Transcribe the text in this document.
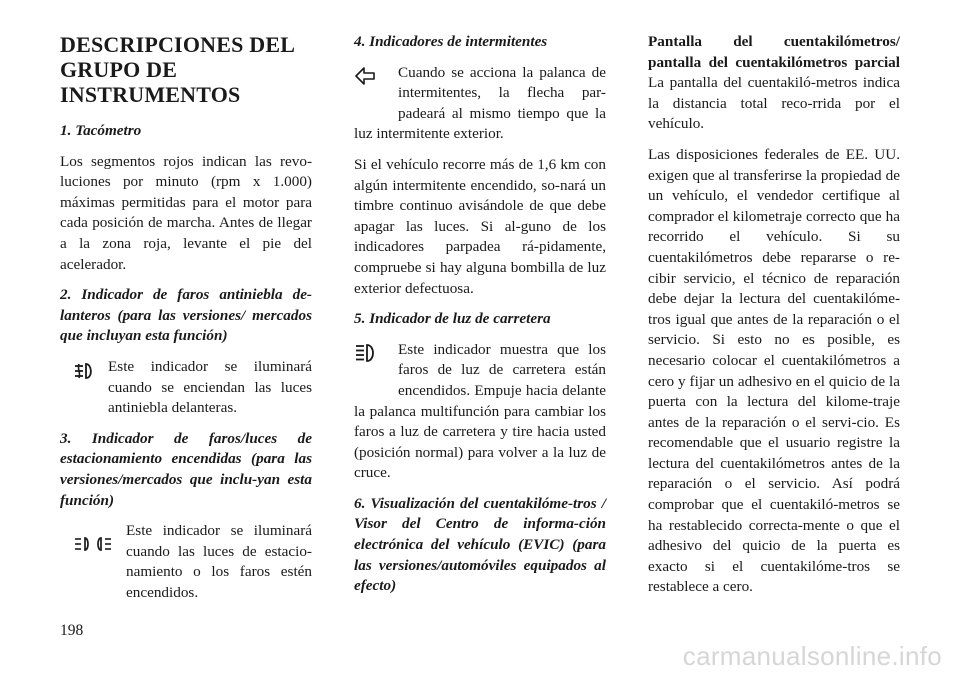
DESCRIPCIONES DEL GRUPO DE INSTRUMENTOS
1. Tacómetro

Los segmentos rojos indican las revo-luciones por minuto (rpm x 1.000) máximas permitidas para el motor para cada posición de marcha. Antes de llegar a la zona roja, levante el pie del acelerador.

2. Indicador de faros antiniebla de-lanteros (para las versiones/ mercados que incluyan esta función)
Este indicador se iluminará cuando se enciendan las luces antiniebla delanteras.
3. Indicador de faros/luces de estacionamiento encendidas (para las versiones/mercados que inclu-yan esta función)
Este indicador se iluminará cuando las luces de estacio-namiento o los faros estén encendidos.
4. Indicadores de intermitentes
Cuando se acciona la palanca de intermitentes, la flecha par-padeará al mismo tiempo que la luz intermitente exterior.

Si el vehículo recorre más de 1,6 km con algún intermitente encendido, so-nará un timbre continuo avisándole de que debe apagar las luces. Si al-guno de los indicadores parpadea rá-pidamente, compruebe si hay alguna bombilla de luz exterior defectuosa.

5. Indicador de luz de carretera
Este indicador muestra que los faros de luz de carretera están encendidos. Empuje hacia delante la palanca multifunción para cambiar los faros a luz de carretera y tire hacia usted (posición normal) para volver a la luz de cruce.
6. Visualización del cuentakilóme-tros / Visor del Centro de informa-ción electrónica del vehículo (EVIC) (para las versiones/automóviles equipados al efecto)

Pantalla del cuentakilómetros/ pantalla del cuentakilómetros parcial La pantalla del cuentakiló-metros indica la distancia total reco-rrida por el vehículo.

Las disposiciones federales de EE. UU. exigen que al transferirse la propiedad de un vehículo, el vendedor certifique al comprador el kilometraje correcto que ha recorrido el vehículo. Si su cuentakilómetros debe repararse o re-cibir servicio, el técnico de reparación debe dejar la lectura del cuentakilóme-tros igual que antes de la reparación o el servicio. Si esto no es posible, es necesario colocar el cuentakilómetros a cero y fijar un adhesivo en el quicio de la puerta con la lectura del kilome-traje antes de la reparación o el servi-cio. Es recomendable que el usuario registre la lectura del cuentakilómetros antes de la reparación o el servicio. Así podrá comprobar que el cuentakiló-metros se ha restablecido correcta-mente o que el adhesivo del quicio de la puerta es exacto si el cuentakilóme-tros se restablece a cero.

198
carmanualsonline.info
